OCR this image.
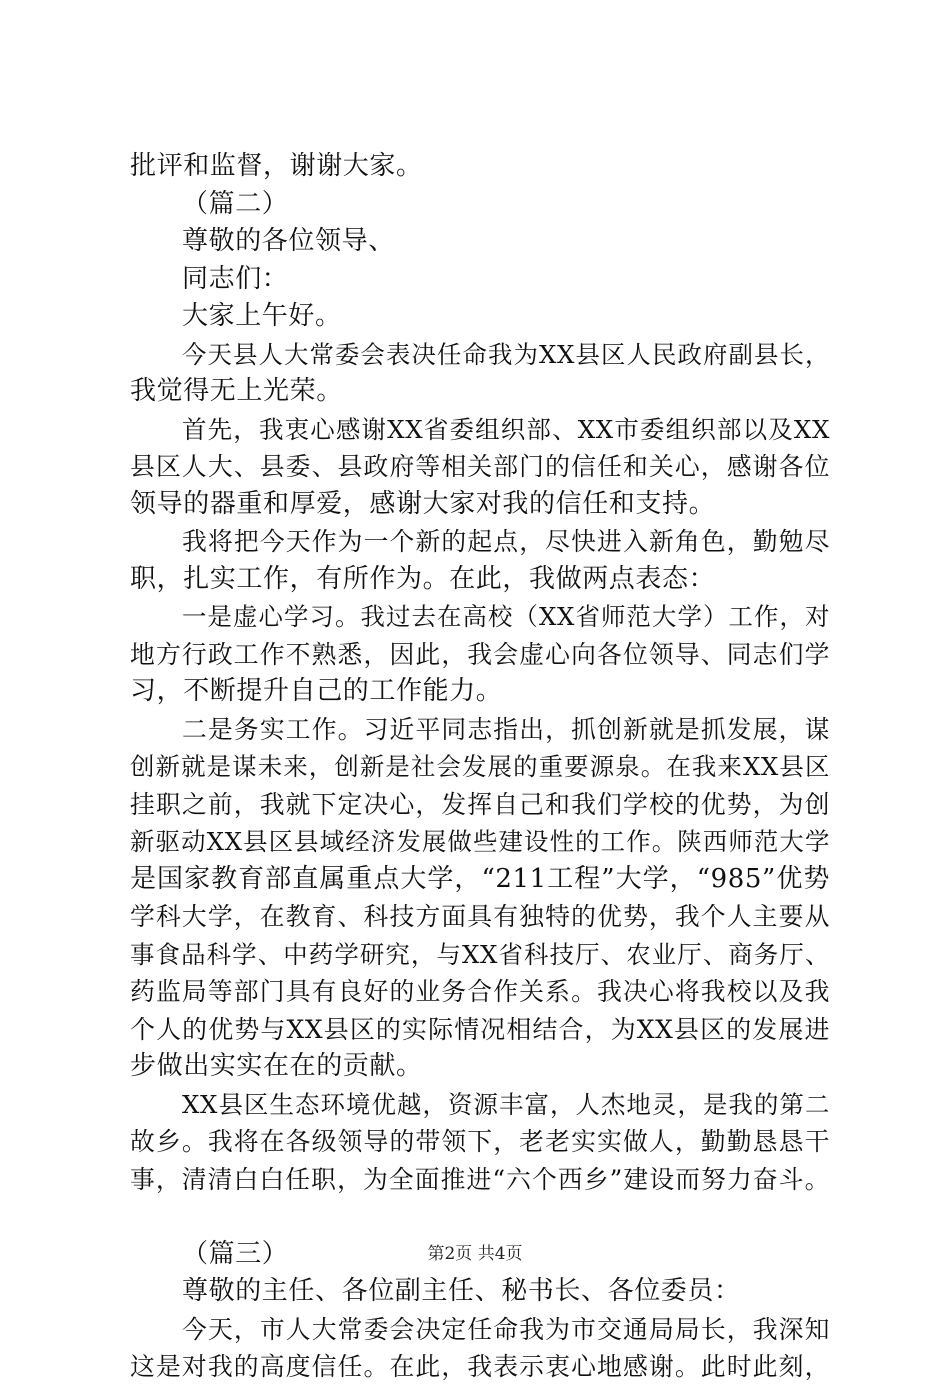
批评和监督，谢谢大家。
（篇二）
尊敬的各位领导、
同志们：
大家上午好。
今天县人大常委会表决任命我为XX县区人民政府副县长，
我觉得无上光荣。
首先，我衷心感谢XX省委组织部、XX市委组织部以及XX
县区人大、县委、县政府等相关部门的信任和关心，感谢各位
领导的器重和厚爱，感谢大家对我的信任和支持。
我将把今天作为一个新的起点，尽快进入新角色，勤勉尽
职，扎实工作，有所作为。在此，我做两点表态：
一是虚心学习。我过去在高校（XX省师范大学）工作，对
地方行政工作不熟悉，因此，我会虚心向各位领导、同志们学
习，不断提升自己的工作能力。
二是务实工作。习近平同志指出，抓创新就是抓发展，谋
创新就是谋未来，创新是社会发展的重要源泉。在我来XX县区
挂职之前，我就下定决心，发挥自己和我们学校的优势，为创
新驱动XX县区县域经济发展做些建设性的工作。陕西师范大学
是国家教育部直属重点大学，“211工程”大学，“985”优势
学科大学，在教育、科技方面具有独特的优势，我个人主要从
事食品科学、中药学研究，与XX省科技厅、农业厅、商务厅、
药监局等部门具有良好的业务合作关系。我决心将我校以及我
个人的优势与XX县区的实际情况相结合，为XX县区的发展进
步做出实实在在的贡献。
XX县区生态环境优越，资源丰富，人杰地灵，是我的第二
故乡。我将在各级领导的带领下，老老实实做人，勤勤恳恳干
事，清清白白任职，为全面推进“六个西乡”建设而努力奋斗。
（篇三）
尊敬的主任、各位副主任、秘书长、各位委员：
今天，市人大常委会决定任命我为市交通局局长，我深知
这是对我的高度信任。在此，我表示衷心地感谢。此时此刻，
第2页 共4页
